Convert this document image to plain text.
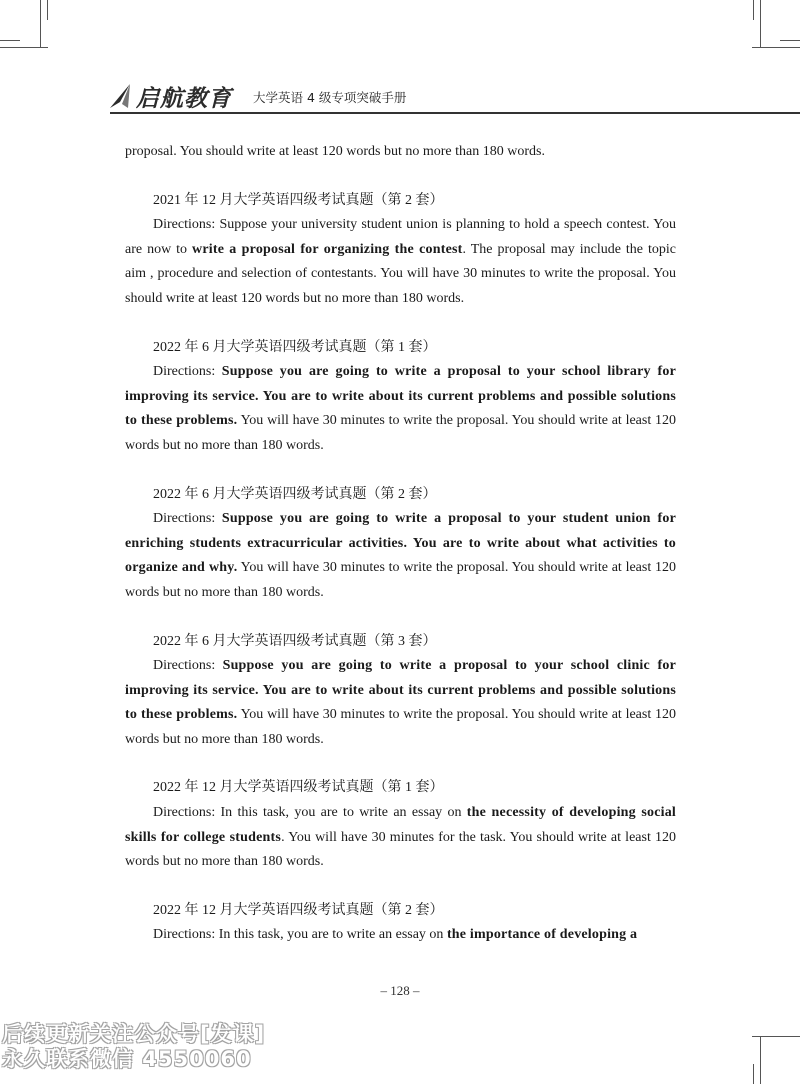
启航教育 大学英语 4 级专项突破手册

proposal. You should write at least 120 words but no more than 180 words.

2021 年 12 月大学英语四级考试真题（第 2 套）

Directions: Suppose your university student union is planning to hold a speech contest. You are now to write a proposal for organizing the contest. The proposal may include the topic aim , procedure and selection of contestants. You will have 30 minutes to write the proposal. You should write at least 120 words but no more than 180 words.

2022 年 6 月大学英语四级考试真题（第 1 套）

Directions: Suppose you are going to write a proposal to your school library for improving its service. You are to write about its current problems and possible solutions to these problems. You will have 30 minutes to write the proposal. You should write at least 120 words but no more than 180 words.

2022 年 6 月大学英语四级考试真题（第 2 套）

Directions: Suppose you are going to write a proposal to your student union for enriching students extracurricular activities. You are to write about what activities to organize and why. You will have 30 minutes to write the proposal. You should write at least 120 words but no more than 180 words.

2022 年 6 月大学英语四级考试真题（第 3 套）

Directions: Suppose you are going to write a proposal to your school clinic for improving its service. You are to write about its current problems and possible solutions to these problems. You will have 30 minutes to write the proposal. You should write at least 120 words but no more than 180 words.

2022 年 12 月大学英语四级考试真题（第 1 套）

Directions: In this task, you are to write an essay on the necessity of developing social skills for college students. You will have 30 minutes for the task. You should write at least 120 words but no more than 180 words.

2022 年 12 月大学英语四级考试真题（第 2 套）

Directions: In this task, you are to write an essay on the importance of developing a

– 128 –
后续更新关注公众号[发课]
永久联系微信 4550060
